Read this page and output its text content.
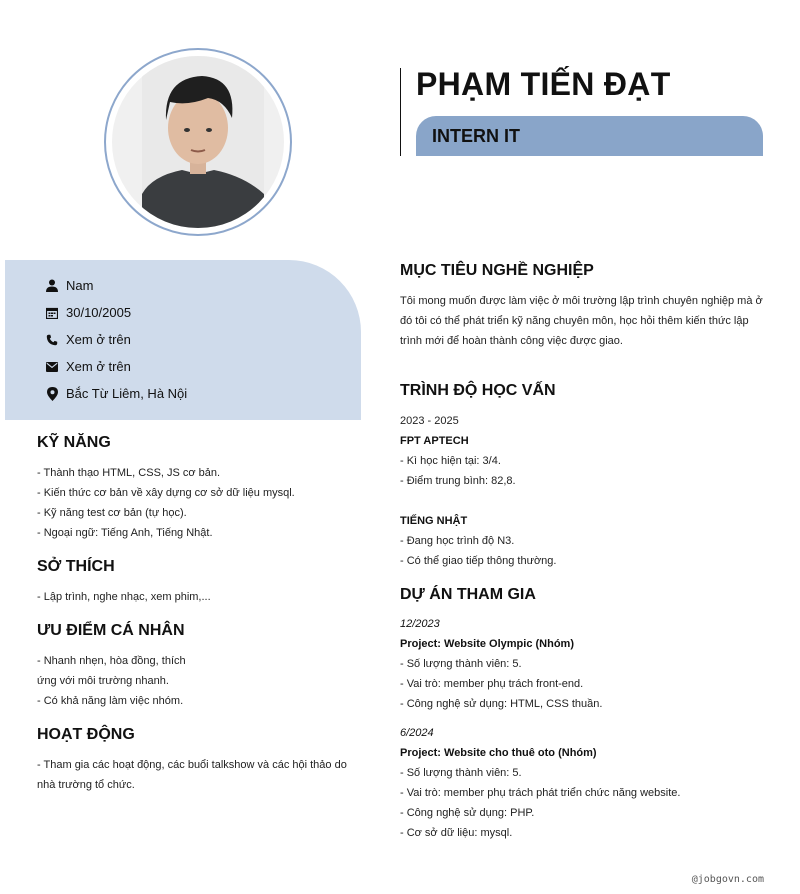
PHẠM TIẾN ĐẠT
INTERN IT
Nam
30/10/2005
Xem ở trên
Xem ở trên
Bắc Từ Liêm, Hà Nội
KỸ NĂNG
- Thành thạo HTML, CSS, JS cơ bản.
- Kiến thức cơ bản về xây dựng cơ sở dữ liệu mysql.
- Kỹ năng test cơ bản (tự học).
- Ngoại ngữ: Tiếng Anh, Tiếng Nhật.
SỞ THÍCH
- Lập trình, nghe nhạc, xem phim,...
ƯU ĐIỂM CÁ NHÂN
- Nhanh nhẹn, hòa đồng, thích
ứng với môi trường nhanh.
- Có khả năng làm việc nhóm.
HOẠT ĐỘNG
- Tham gia các hoạt động, các buổi talkshow và các hội thảo do
nhà trường tổ chức.
MỤC TIÊU NGHỀ NGHIỆP
Tôi mong muốn được làm việc ở môi trường lập trình chuyên nghiệp mà ở
đó tôi có thể phát triển kỹ năng chuyên môn, học hỏi thêm kiến thức lập
trình mới để hoàn thành công việc được giao.
TRÌNH ĐỘ HỌC VẤN
2023 - 2025
FPT APTECH
- Kì học hiện tại: 3/4.
- Điểm trung bình: 82,8.
TIẾNG NHẬT
- Đang học trình độ N3.
- Có thể giao tiếp thông thường.
DỰ ÁN THAM GIA
12/2023
Project: Website Olympic (Nhóm)
- Số lượng thành viên: 5.
- Vai trò: member phụ trách front-end.
- Công nghệ sử dụng: HTML, CSS thuần.
6/2024
Project: Website cho thuê oto (Nhóm)
- Số lượng thành viên: 5.
- Vai trò: member phụ trách phát triển chức năng website.
- Công nghệ sử dụng: PHP.
- Cơ sở dữ liệu: mysql.
@jobgovn.com
